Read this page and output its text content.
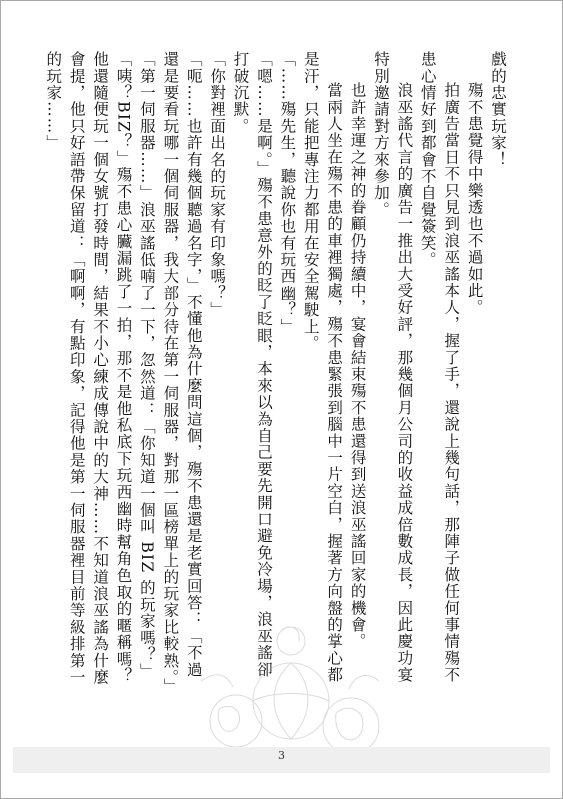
戲的忠實玩家！

殤不患覺得中樂透也不過如此。

拍廣告當日不只見到浪巫謠本人，握了手，還說上幾句話，那陣子做任何事情殤不患心情好到都會不自覺簽笑。

浪巫謠代言的廣告一推出大受好評，那幾個月公司的收益成倍數成長，因此慶功宴特別邀請對方來參加。

也許幸運之神的眷顧仍持續中，宴會結束殤不患還得到送浪巫謠回家的機會。

當兩人坐在殤不患的車裡獨處，殤不患緊張到腦中一片空白，握著方向盤的掌心都是汗，只能把專注力都用在安全駕駛上。

「……殤先生，聽說你也有玩西幽？」

「嗯……是啊。」殤不患意外的眨了眨眼，本來以為自己要先開口避免冷場，浪巫謠卻打破沉默。

「你對裡面出名的玩家有印象嗎？」

「呃……也許有幾個聽過名字，」不懂他為什麼問這個，殤不患還是老實回答：「不過還是要看玩哪一個伺服器，我大部分待在第一伺服器，對那一區榜單上的玩家比較熟。」

「第一伺服器……」浪巫謠低喃了一下，忽然道：「你知道一個叫 BIZ 的玩家嗎？」

「咦？BIZ？」殤不患心臟漏跳了一拍，那不是他私底下玩西幽時幫角色取的暱稱嗎？他還隨便玩一個女號打發時間，結果不小心練成傳說中的大神……不知道浪巫謠為什麼會提，他只好語帶保留道：「啊啊，有點印象，記得他是第一伺服器裡目前等級排第一的玩家……」

3
